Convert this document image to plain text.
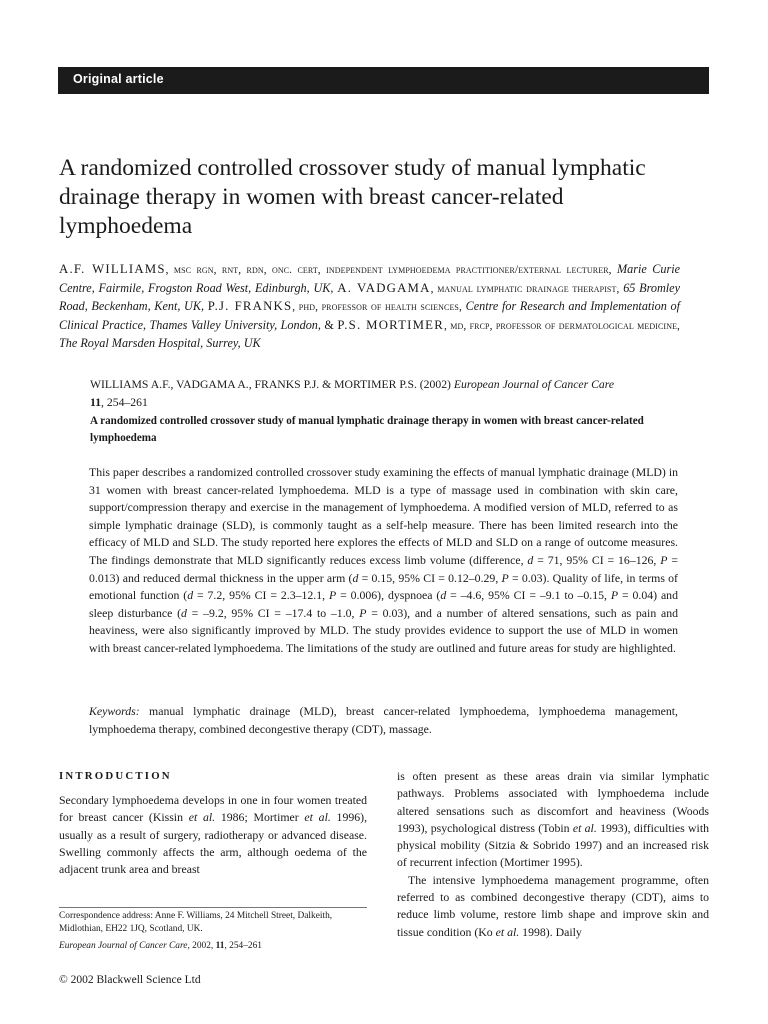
Original article
A randomized controlled crossover study of manual lymphatic drainage therapy in women with breast cancer-related lymphoedema
A.F. WILLIAMS, msc rgn, rnt, rdn, onc. cert, independent lymphoedema practitioner/external lecturer, Marie Curie Centre, Fairmile, Frogston Road West, Edinburgh, UK, A. VADGAMA, manual lymphatic drainage therapist, 65 Bromley Road, Beckenham, Kent, UK, P.J. FRANKS, phd, professor of health sciences, Centre for Research and Implementation of Clinical Practice, Thames Valley University, London, & P.S. MORTIMER, md, frcp, professor of dermatological medicine, The Royal Marsden Hospital, Surrey, UK
WILLIAMS A.F., VADGAMA A., FRANKS P.J. & MORTIMER P.S. (2002) European Journal of Cancer Care
11, 254–261
A randomized controlled crossover study of manual lymphatic drainage therapy in women with breast cancer-related lymphoedema

This paper describes a randomized controlled crossover study examining the effects of manual lymphatic drainage (MLD) in 31 women with breast cancer-related lymphoedema. MLD is a type of massage used in combination with skin care, support/compression therapy and exercise in the management of lymphoedema. A modified version of MLD, referred to as simple lymphatic drainage (SLD), is commonly taught as a self-help measure. There has been limited research into the efficacy of MLD and SLD. The study reported here explores the effects of MLD and SLD on a range of outcome measures. The findings demonstrate that MLD significantly reduces excess limb volume (difference, d = 71, 95% CI = 16–126, P = 0.013) and reduced dermal thickness in the upper arm (d = 0.15, 95% CI = 0.12–0.29, P = 0.03). Quality of life, in terms of emotional function (d = 7.2, 95% CI = 2.3–12.1, P = 0.006), dyspnoea (d = –4.6, 95% CI = –9.1 to –0.15, P = 0.04) and sleep disturbance (d = –9.2, 95% CI = –17.4 to –1.0, P = 0.03), and a number of altered sensations, such as pain and heaviness, were also significantly improved by MLD. The study provides evidence to support the use of MLD in women with breast cancer-related lymphoedema. The limitations of the study are outlined and future areas for study are highlighted.

Keywords: manual lymphatic drainage (MLD), breast cancer-related lymphoedema, lymphoedema management, lymphoedema therapy, combined decongestive therapy (CDT), massage.

INTRODUCTION

Secondary lymphoedema develops in one in four women treated for breast cancer (Kissin et al. 1986; Mortimer et al. 1996), usually as a result of surgery, radiotherapy or advanced disease. Swelling commonly affects the arm, although oedema of the adjacent trunk area and breast

is often present as these areas drain via similar lymphatic pathways. Problems associated with lymphoedema include altered sensations such as discomfort and heaviness (Woods 1993), psychological distress (Tobin et al. 1993), difficulties with physical mobility (Sitzia & Sobrido 1997) and an increased risk of recurrent infection (Mortimer 1995).

The intensive lymphoedema management programme, often referred to as combined decongestive therapy (CDT), aims to reduce limb volume, restore limb shape and improve skin and tissue condition (Ko et al. 1998). Daily

Correspondence address: Anne F. Williams, 24 Mitchell Street, Dalkeith, Midlothian, EH22 1JQ, Scotland, UK.
European Journal of Cancer Care, 2002, 11, 254–261
© 2002 Blackwell Science Ltd
